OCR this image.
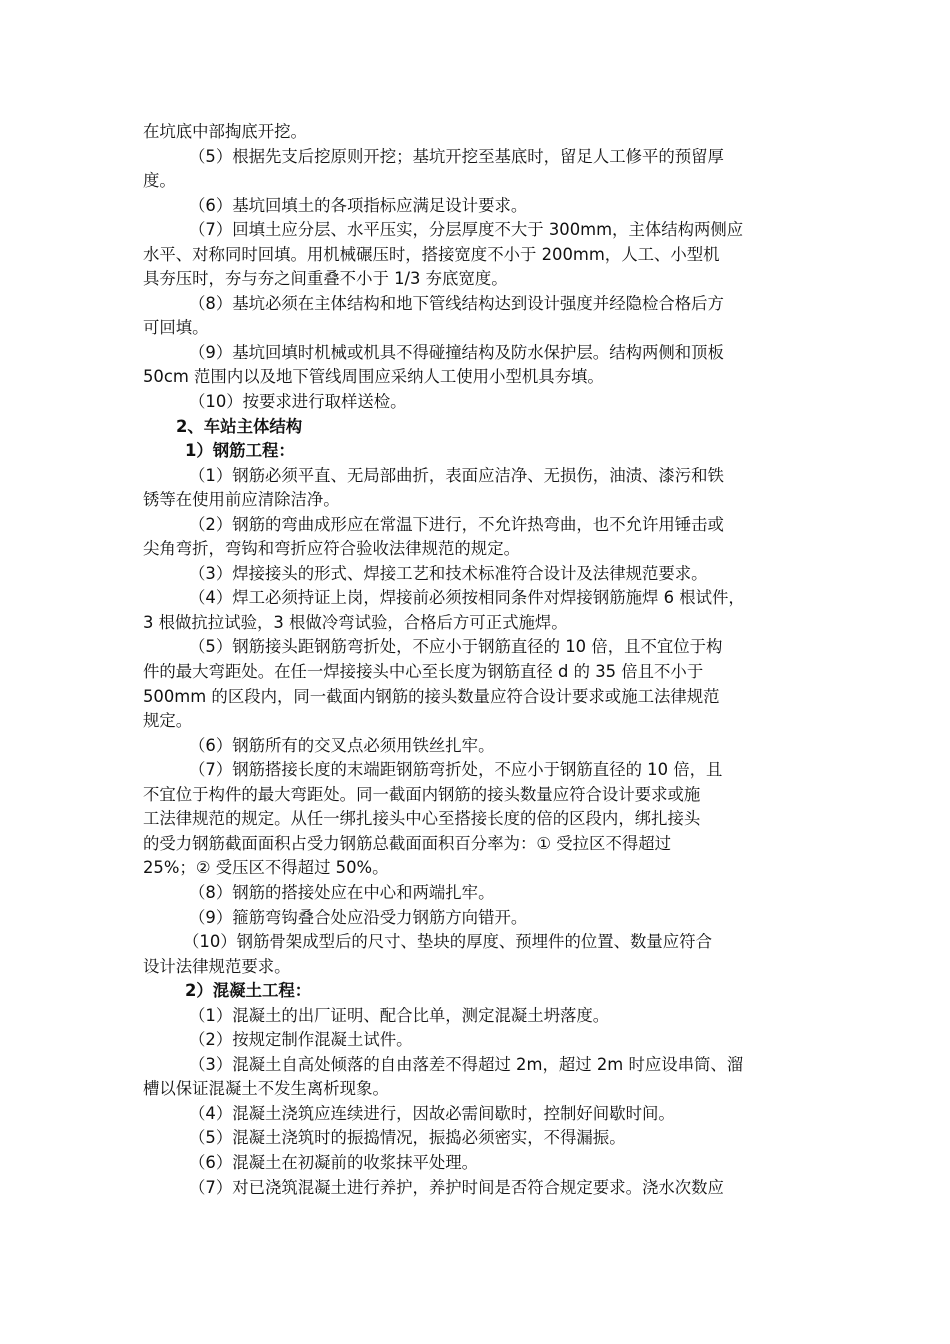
在坑底中部掏底开挖。
（5）根据先支后挖原则开挖；基坑开挖至基底时，留足人工修平的预留厚
度。
（6）基坑回填土的各项指标应满足设计要求。
（7）回填土应分层、水平压实，分层厚度不大于 300mm，主体结构两侧应
水平、对称同时回填。用机械碾压时，搭接宽度不小于 200mm，人工、小型机
具夯压时，夯与夯之间重叠不小于 1/3 夯底宽度。
（8）基坑必须在主体结构和地下管线结构达到设计强度并经隐检合格后方
可回填。
（9）基坑回填时机械或机具不得碰撞结构及防水保护层。结构两侧和顶板
50cm 范围内以及地下管线周围应采纳人工使用小型机具夯填。
（10）按要求进行取样送检。
2、车站主体结构
1）钢筋工程：
（1）钢筋必须平直、无局部曲折，表面应洁净、无损伤，油渍、漆污和铁
锈等在使用前应清除洁净。
（2）钢筋的弯曲成形应在常温下进行，不允许热弯曲，也不允许用锤击或
尖角弯折，弯钩和弯折应符合验收法律规范的规定。
（3）焊接接头的形式、焊接工艺和技术标准符合设计及法律规范要求。
（4）焊工必须持证上岗，焊接前必须按相同条件对焊接钢筋施焊 6 根试件，
3 根做抗拉试验，3 根做冷弯试验，合格后方可正式施焊。
（5）钢筋接头距钢筋弯折处，不应小于钢筋直径的 10 倍，且不宜位于构
件的最大弯距处。在任一焊接接头中心至长度为钢筋直径 d 的 35 倍且不小于
500mm 的区段内，同一截面内钢筋的接头数量应符合设计要求或施工法律规范
规定。
（6）钢筋所有的交叉点必须用铁丝扎牢。
（7）钢筋搭接长度的末端距钢筋弯折处，不应小于钢筋直径的 10 倍，且
不宜位于构件的最大弯距处。同一截面内钢筋的接头数量应符合设计要求或施
工法律规范的规定。从任一绑扎接头中心至搭接长度的倍的区段内，绑扎接头
的受力钢筋截面面积占受力钢筋总截面面积百分率为：① 受拉区不得超过
25%；② 受压区不得超过 50%。
（8）钢筋的搭接处应在中心和两端扎牢。
（9）箍筋弯钩叠合处应沿受力钢筋方向错开。
（10）钢筋骨架成型后的尺寸、垫块的厚度、预埋件的位置、数量应符合
设计法律规范要求。
2）混凝土工程：
（1）混凝土的出厂证明、配合比单，测定混凝土坍落度。
（2）按规定制作混凝土试件。
（3）混凝土自高处倾落的自由落差不得超过 2m，超过 2m 时应设串筒、溜
槽以保证混凝土不发生离析现象。
（4）混凝土浇筑应连续进行，因故必需间歇时，控制好间歇时间。
（5）混凝土浇筑时的振捣情况，振捣必须密实，不得漏振。
（6）混凝土在初凝前的收浆抹平处理。
（7）对已浇筑混凝土进行养护，养护时间是否符合规定要求。浇水次数应
